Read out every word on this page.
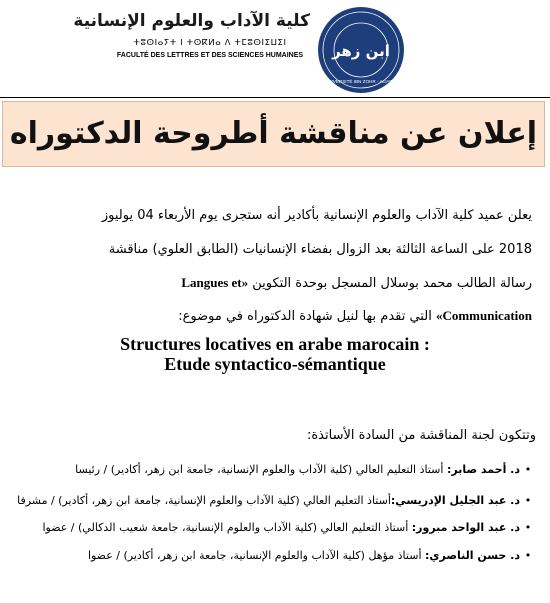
ابن زهر
UNIVERSITÉ IBN ZOHR - AGADIR
كلية الآداب والعلوم الإنسانية
ⵜⵓⵙⵏⴰⵢⵜ ⵏ ⵜⵙⴽⵍⴰ ⴷ ⵜⵎⵓⵙⵏⵉⵡⵉⵏ
FACULTÉ DES LETTRES ET DES SCIENCES HUMAINES
إعلان عن مناقشة أطروحة الدكتوراه
يعلن عميد كلية الآداب والعلوم الإنسانية بأكادير أنه ستجرى يوم الأربعاء 04 يوليوز
2018 على الساعة الثالثة بعد الزوال بفضاء الإنسانيات (الطابق العلوي) مناقشة
رسالة الطالب محمد بوسلال المسجل بوحدة التكوين «Langues et
Communication» التي تقدم بها لنيل شهادة الدكتوراه في موضوع:
Structures locatives en arabe marocain :
Etude syntactico-sémantique
وتتكون لجنة المناقشة من السادة الأساتذة:
•د. أحمد صابر: أستاذ التعليم العالي (كلية الآداب والعلوم الإنسانية، جامعة ابن زهر، أكادير) / رئيسا
•د. عبد الجليل الإدريسي:أستاذ التعليم العالي (كلية الآداب والعلوم الإنسانية، جامعة ابن زهر، أكادير) / مشرفا
•د. عبد الواحد مبرور: أستاذ التعليم العالي (كلية الآداب والعلوم الإنسانية، جامعة شعيب الدكالي) / عضوا
•د. حسن الناصري: أستاذ مؤهل (كلية الآداب والعلوم الإنسانية، جامعة ابن زهر، أكادير) / عضوا
